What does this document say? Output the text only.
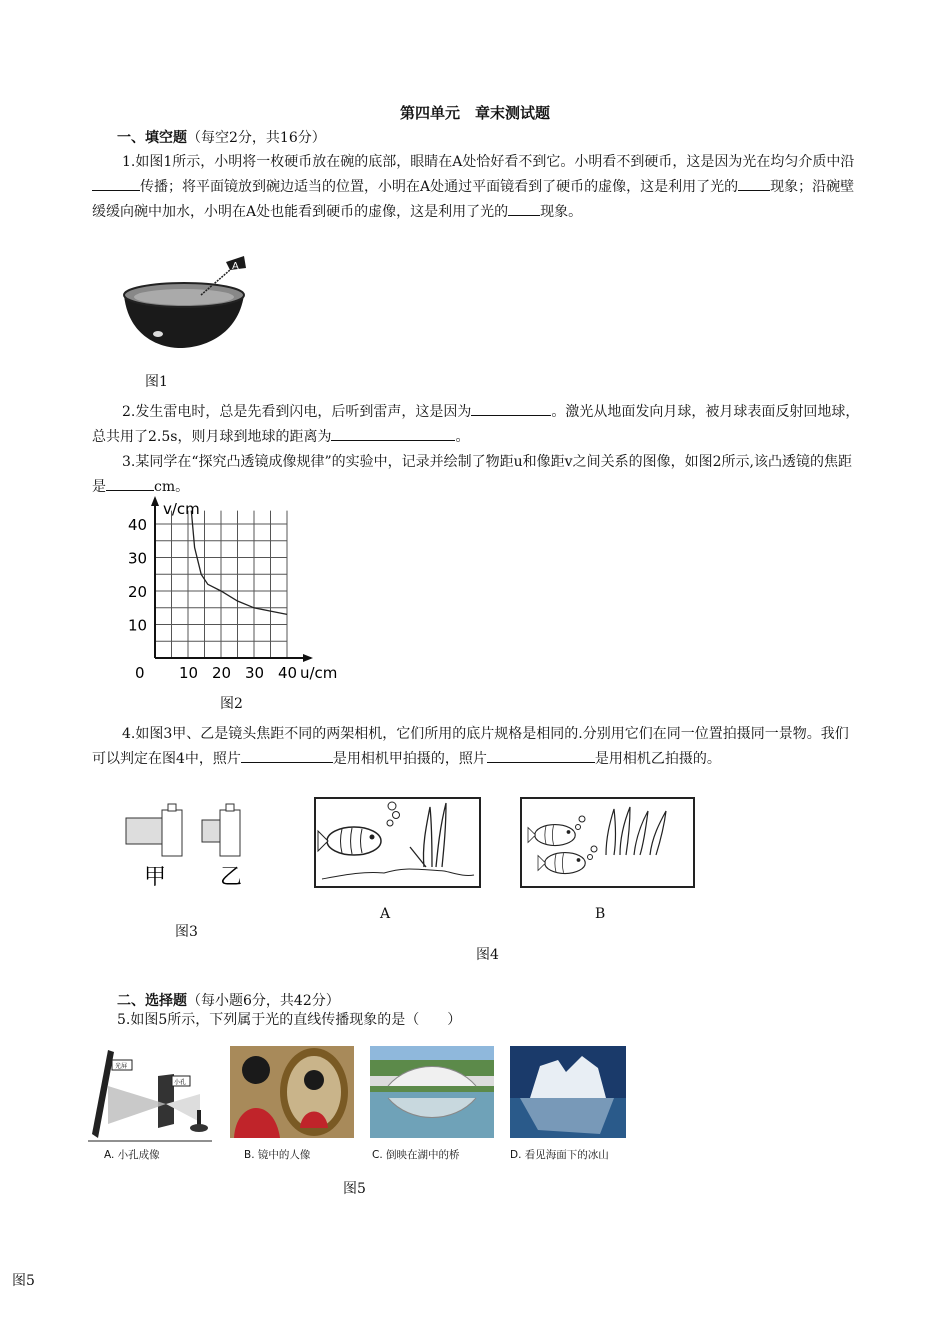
第四单元　章末测试题
一、填空题（每空2分，共16分）
1.如图1所示，小明将一枚硬币放在碗的底部，眼睛在A处恰好看不到它。小明看不到硬币，这是因为光在均匀介质中沿传播；将平面镜放到碗边适当的位置，小明在A处通过平面镜看到了硬币的虚像，这是利用了光的 现象；沿碗壁缓缓向碗中加水，小明在A处也能看到硬币的虚像，这是利用了光的 现象。
A
图1
2.发生雷电时，总是先看到闪电，后听到雷声，这是因为	。激光从地面发向月球，被月球表面反射回地球，总共用了2.5s，则月球到地球的距离为	。
3.某同学在“探究凸透镜成像规律”的实验中，记录并绘制了物距u和像距v之间关系的图像，如图2所示,该凸透镜的焦距是	cm。
0 10 20 30 40
10
20
30
40
u/cm
v/cm
图2
4.如图3甲、乙是镜头焦距不同的两架相机，它们所用的底片规格是相同的.分别用它们在同一位置拍摄同一景物。我们可以判定在图4中，照片	是用相机甲拍摄的，照片	是用相机乙拍摄的。
甲 乙
图3
A	B
图4
二、选择题（每小题6分，共42分）
5.如图5所示，下列属于光的直线传播现象的是（　　）
光屏
小孔
A. 小孔成像	B. 镜中的人像	C. 倒映在湖中的桥	D. 看见海面下的冰山
图5
图5
